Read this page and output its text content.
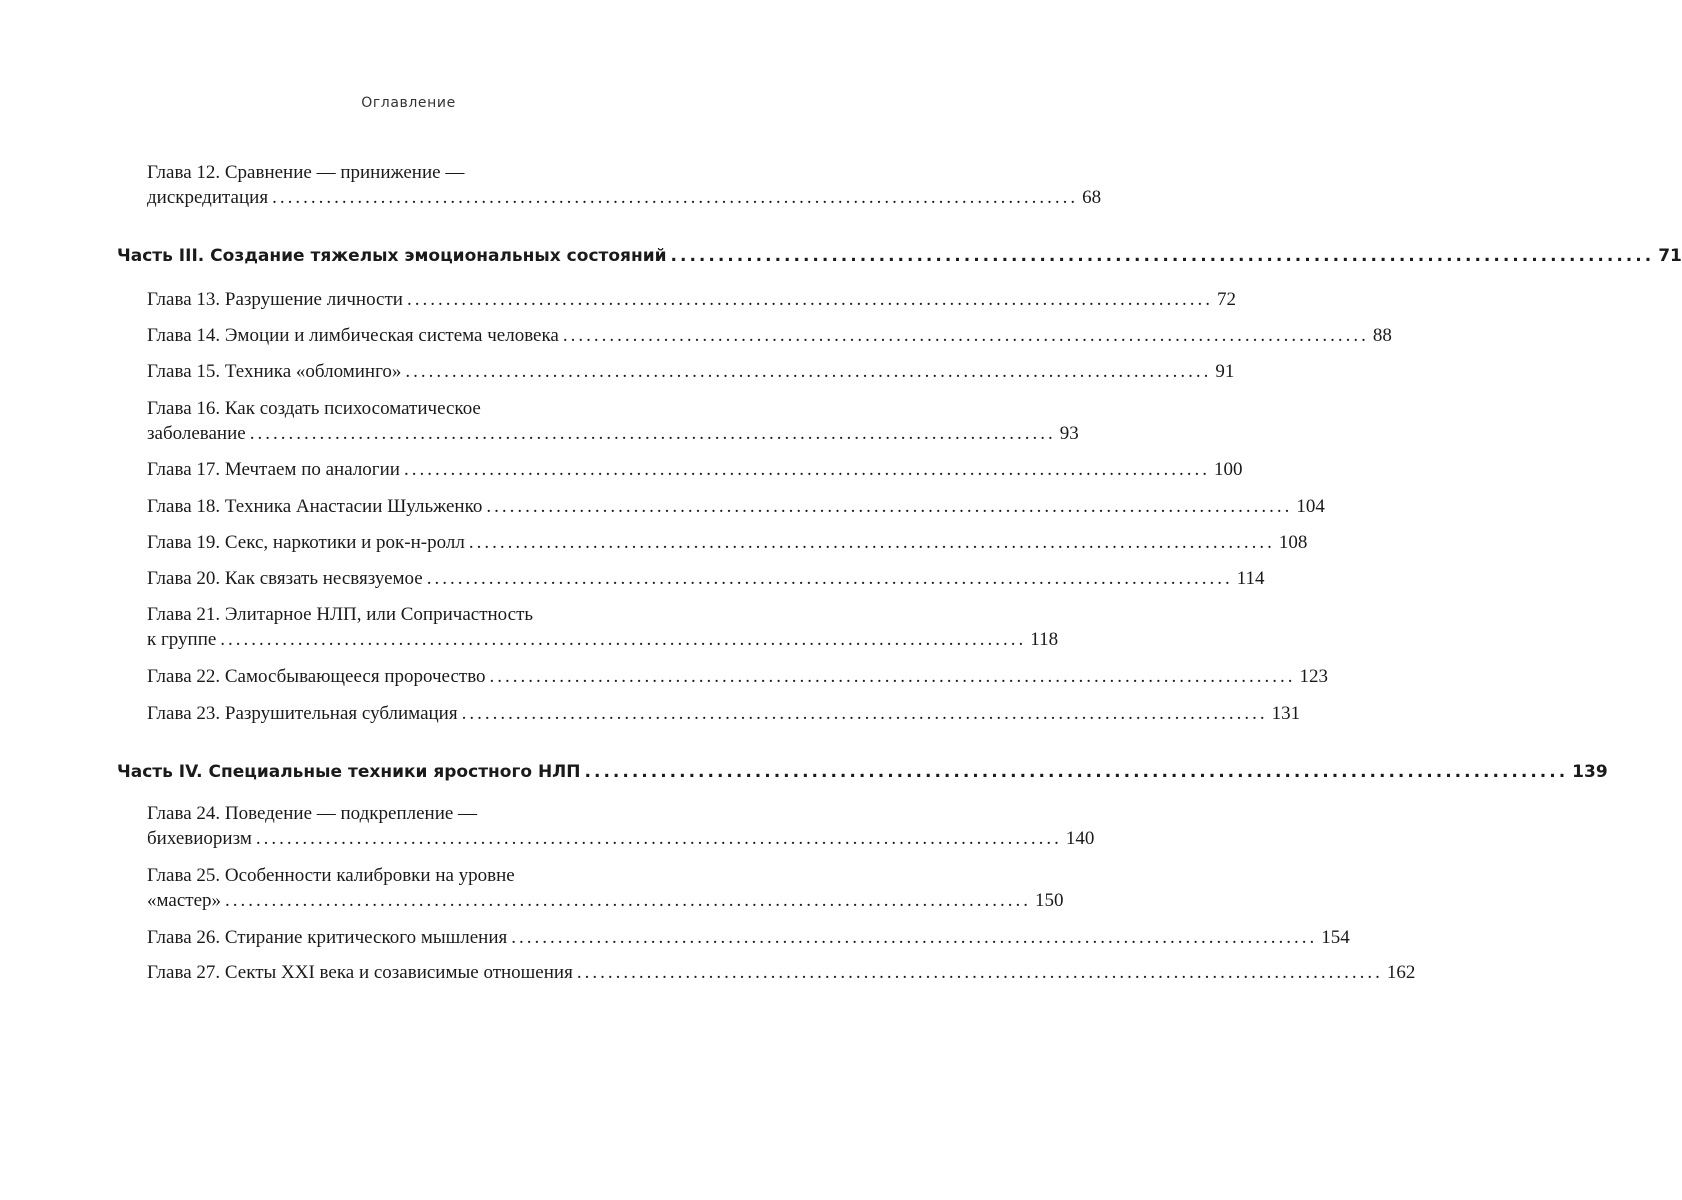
Оглавление
Глава 12. Сравнение — принижение —
дискредитация ........................................................................................................ 68
Часть III. Создание тяжелых эмоциональных состояний ........................................................................................................ 71
Глава 13. Разрушение личности ........................................................................................................ 72
Глава 14. Эмоции и лимбическая система человека ........................................................................................................ 88
Глава 15. Техника «обломинго» ........................................................................................................ 91
Глава 16. Как создать психосоматическое
заболевание ........................................................................................................ 93
Глава 17. Мечтаем по аналогии ........................................................................................................ 100
Глава 18. Техника Анастасии Шульженко ........................................................................................................ 104
Глава 19. Секс, наркотики и рок-н-ролл ........................................................................................................ 108
Глава 20. Как связать несвязуемое ........................................................................................................ 114
Глава 21. Элитарное НЛП, или Сопричастность
к группе ........................................................................................................ 118
Глава 22. Самосбывающееся пророчество ........................................................................................................ 123
Глава 23. Разрушительная сублимация ........................................................................................................ 131
Часть IV. Специальные техники яростного НЛП ........................................................................................................ 139
Глава 24. Поведение — подкрепление —
бихевиоризм ........................................................................................................ 140
Глава 25. Особенности калибровки на уровне
«мастер» ........................................................................................................ 150
Глава 26. Стирание критического мышления ........................................................................................................ 154
Глава 27. Секты XXI века и созависимые отношения ........................................................................................................ 162
